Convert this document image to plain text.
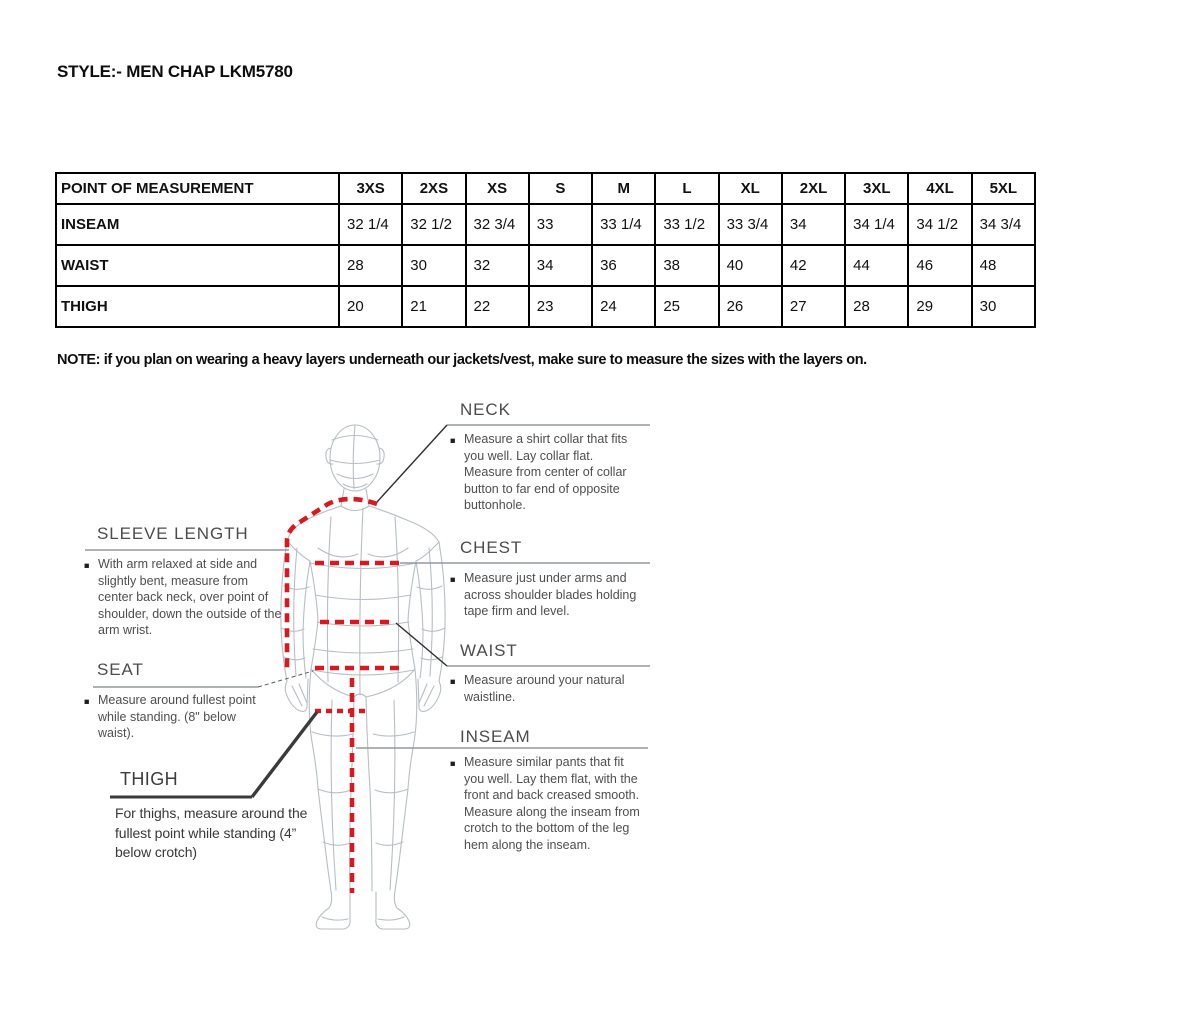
STYLE:- MEN CHAP LKM5780
POINT OF MEASUREMENT	3XS	2XS	XS	S	M	L	XL	2XL	3XL	4XL	5XL
INSEAM	32 1/4	32 1/2	32 3/4	33	33 1/4	33 1/2	33 3/4	34	34 1/4	34 1/2	34 3/4
WAIST	28	30	32	34	36	38	40	42	44	46	48
THIGH	20	21	22	23	24	25	26	27	28	29	30
NOTE: if you plan on wearing a heavy layers underneath our jackets/vest, make sure to measure the sizes with the layers on.
NECK
■ Measure a shirt collar that fits you well. Lay collar flat. Measure from center of collar button to far end of opposite buttonhole.
CHEST
■ Measure just under arms and across shoulder blades holding tape firm and level.
WAIST
■ Measure around your natural waistline.
INSEAM
■ Measure similar pants that fit you well. Lay them flat, with the front and back creased smooth. Measure along the inseam from crotch to the bottom of the leg hem along the inseam.
SLEEVE LENGTH
■ With arm relaxed at side and slightly bent, measure from center back neck, over point of shoulder, down the outside of the arm wrist.
SEAT
■ Measure around fullest point while standing. (8" below waist).
THIGH
For thighs, measure around the fullest point while standing (4” below crotch)
